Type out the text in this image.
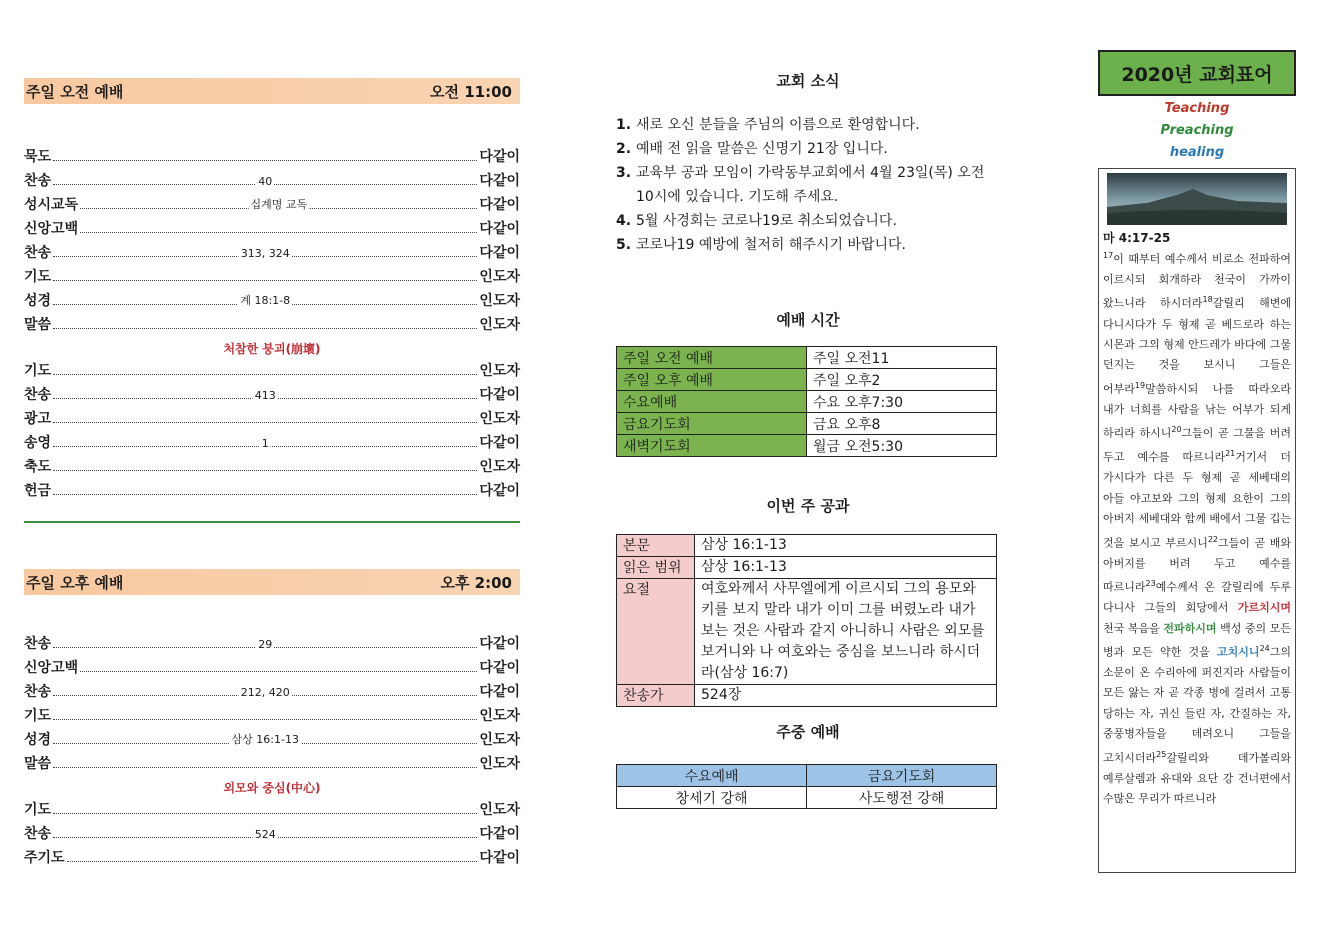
주일 오전 예배	오전 11:00
묵도	다같이
찬송	40	다같이
성시교독	십계명 교독	다같이
신앙고백	다같이
찬송	313, 324	다같이
기도	인도자
성경	계 18:1-8	인도자
말씀	인도자
처참한 붕괴(崩壞)
기도	인도자
찬송	413	다같이
광고	인도자
송영	1	다같이
축도	인도자
헌금	다같이
주일 오후 예배	오후 2:00
찬송	29	다같이
신앙고백	다같이
찬송	212, 420	다같이
기도	인도자
성경	삼상 16:1-13	인도자
말씀	인도자
외모와 중심(中心)
기도	인도자
찬송	524	다같이
주기도	다같이
교회 소식
1. 새로 오신 분들을 주님의 이름으로 환영합니다.
2. 예배 전 읽을 말씀은 신명기 21장 입니다.
3. 교육부 공과 모임이 가락동부교회에서 4월 23일(목) 오전 10시에 있습니다. 기도해 주세요.
4. 5월 사경회는 코로나19로 취소되었습니다.
5. 코로나19 예방에 철저히 해주시기 바랍니다.
예배 시간
주일 오전 예배	주일 오전11
주일 오후 예배	주일 오후2
수요예배	수요 오후7:30
금요기도회	금요 오후8
새벽기도회	월금 오전5:30
이번 주 공과
본문	삼상 16:1-13
읽은 범위	삼상 16:1-13
요절	여호와께서 사무엘에게 이르시되 그의 용모와 키를 보지 말라 내가 이미 그를 버렸노라 내가 보는 것은 사람과 같지 아니하니 사람은 외모를 보거니와 나 여호와는 중심을 보느니라 하시더라(삼상 16:7)
찬송가	524장
주중 예배
수요예배	금요기도회
창세기 강해	사도행전 강해
2020년 교회표어
Teaching
Preaching
healing
마 4:17-25
$^{17}$이 때부터 예수께서 비로소 전파하여 이르시되 회개하라 천국이 가까이 왔느니라 하시더라$^{18}$갈릴리 해변에 다니시다가 두 형제 곧 베드로라 하는 시몬과 그의 형제 안드레가 바다에 그물 던지는 것을 보시니 그들은 어부라$^{19}$말씀하시되 나를 따라오라 내가 너희를 사람을 낚는 어부가 되게 하리라 하시니$^{20}$그들이 곧 그물을 버려 두고 예수를 따르니라$^{21}$거기서 더 가시다가 다른 두 형제 곧 세베대의 아들 야고보와 그의 형제 요한이 그의 아버지 세베대와 함께 배에서 그물 깁는 것을 보시고 부르시니$^{22}$그들이 곧 배와 아버지를 버려 두고 예수를 따르니라$^{23}$예수께서 온 갈릴리에 두루 다니사 그들의 회당에서 가르치시며 천국 복음을 전파하시며 백성 중의 모든 병과 모든 약한 것을 고치시니$^{24}$그의 소문이 온 수리아에 퍼진지라 사람들이 모든 앓는 자 곧 각종 병에 걸려서 고통 당하는 자, 귀신 들린 자, 간질하는 자, 중풍병자들을 데려오니 그들을 고치시더라$^{25}$갈릴리와 데가볼리와 예루살렘과 유대와 요단 강 건너편에서 수많은 무리가 따르니라
